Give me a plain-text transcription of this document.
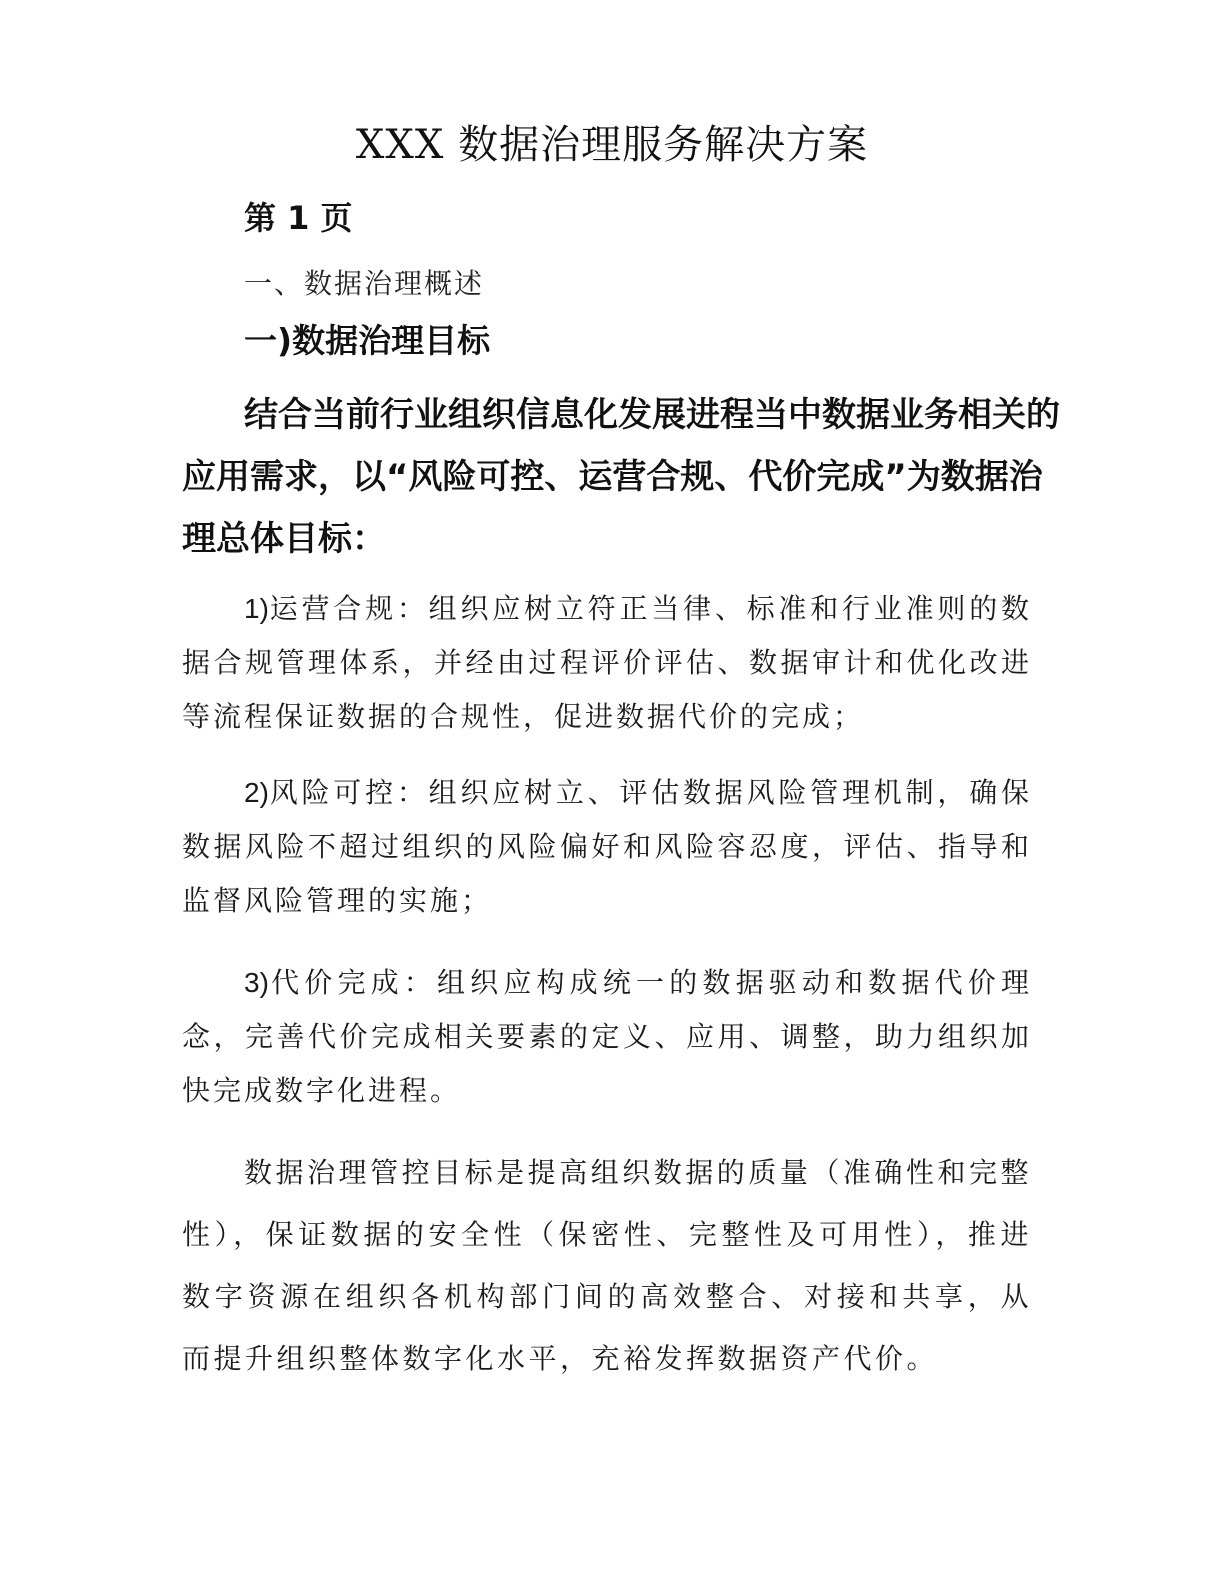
XXX 数据治理服务解决方案
第 1 页
一、数据治理概述
一)数据治理目标

结合当前行业组织信息化发展进程当中数据业务相关的应用需求，以“风险可控、运营合规、代价完成”为数据治理总体目标：

1)运营合规：组织应树立符正当律、标准和行业准则的数据合规管理体系，并经由过程评价评估、数据审计和优化改进等流程保证数据的合规性，促进数据代价的完成；

2)风险可控：组织应树立、评估数据风险管理机制，确保数据风险不超过组织的风险偏好和风险容忍度，评估、指导和监督风险管理的实施；

3)代价完成：组织应构成统一的数据驱动和数据代价理念，完善代价完成相关要素的定义、应用、调整，助力组织加快完成数字化进程。

数据治理管控目标是提高组织数据的质量（准确性和完整性），保证数据的安全性（保密性、完整性及可用性），推进数字资源在组织各机构部门间的高效整合、对接和共享，从而提升组织整体数字化水平，充裕发挥数据资产代价。
